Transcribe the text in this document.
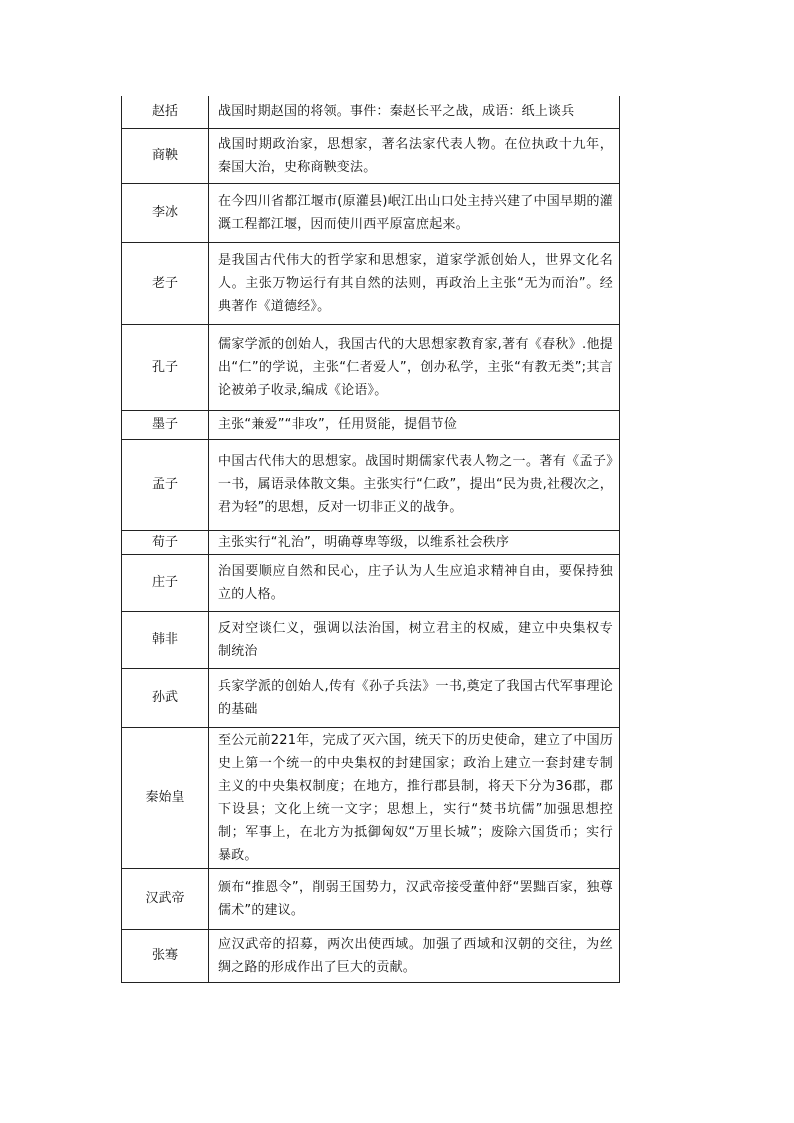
赵括	战国时期赵国的将领。事件：秦赵长平之战，成语：纸上谈兵
商鞅	战国时期政治家，思想家，著名法家代表人物。在位执政十九年，秦国大治，史称商鞅变法。
李冰	在今四川省都江堰市(原灌县)岷江出山口处主持兴建了中国早期的灌溉工程都江堰，因而使川西平原富庶起来。
老子	是我国古代伟大的哲学家和思想家，道家学派创始人，世界文化名人。主张万物运行有其自然的法则，再政治上主张“无为而治”。经典著作《道德经》。
孔子	儒家学派的创始人，我国古代的大思想家教育家,著有《春秋》.他提出“仁”的学说，主张“仁者爱人”，创办私学，主张“有教无类”;其言论被弟子收录,编成《论语》。
墨子	主张“兼爱”“非攻”，任用贤能，提倡节俭
孟子	中国古代伟大的思想家。战国时期儒家代表人物之一。著有《孟子》一书，属语录体散文集。主张实行“仁政”，提出“民为贵,社稷次之，君为轻”的思想，反对一切非正义的战争。
荀子	主张实行“礼治”，明确尊卑等级，以维系社会秩序
庄子	治国要顺应自然和民心，庄子认为人生应追求精神自由，要保持独立的人格。
韩非	反对空谈仁义，强调以法治国，树立君主的权威，建立中央集权专制统治
孙武	兵家学派的创始人,传有《孙子兵法》一书,奠定了我国古代军事理论的基础
秦始皇	至公元前221年，完成了灭六国，统天下的历史使命，建立了中国历史上第一个统一的中央集权的封建国家；政治上建立一套封建专制主义的中央集权制度；在地方，推行郡县制，将天下分为36郡，郡下设县；文化上统一文字；思想上，实行“焚书坑儒”加强思想控制；军事上，在北方为抵御匈奴“万里长城”；废除六国货币；实行暴政。
汉武帝	颁布“推恩令”，削弱王国势力，汉武帝接受董仲舒“罢黜百家，独尊儒术”的建议。
张骞	应汉武帝的招募，两次出使西域。加强了西域和汉朝的交往，为丝绸之路的形成作出了巨大的贡献。
